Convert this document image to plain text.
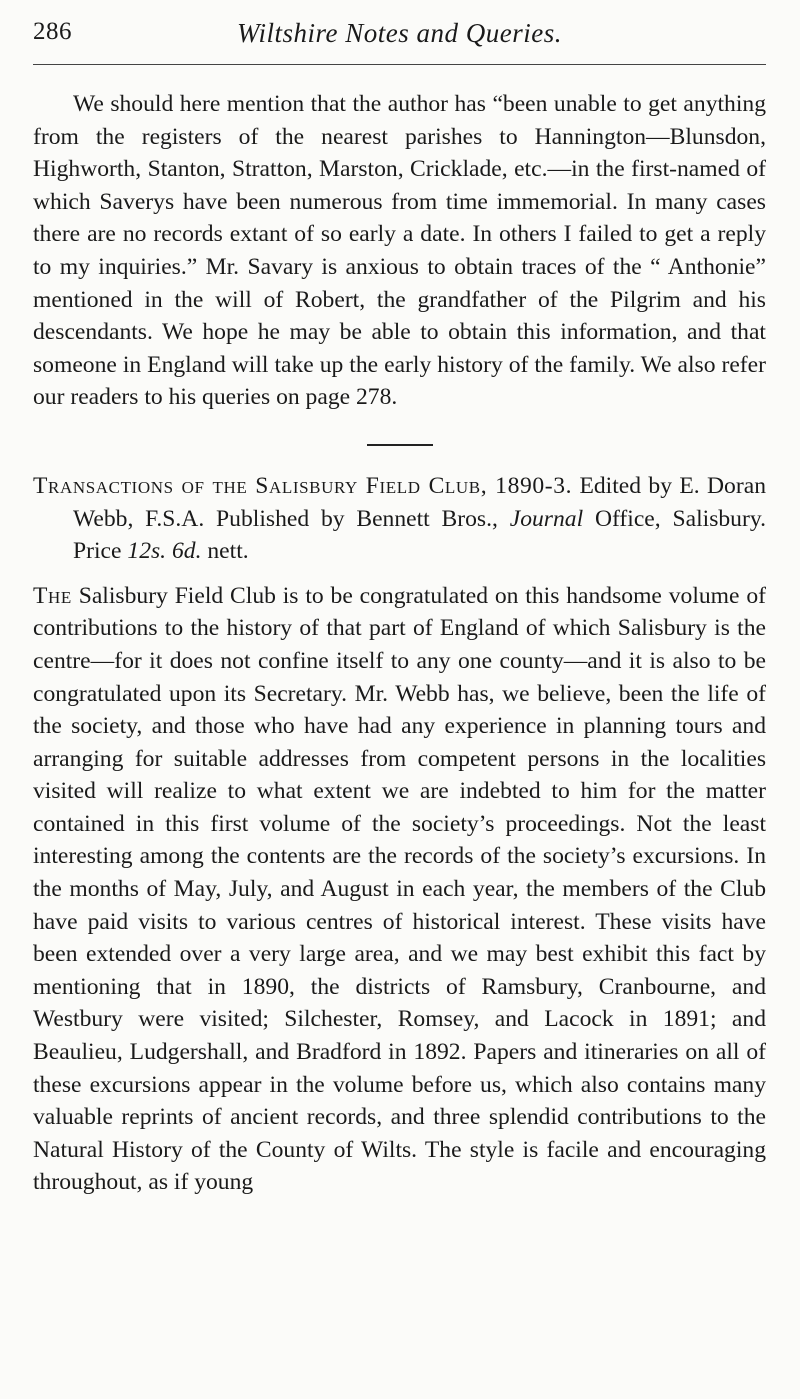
286	Wiltshire Notes and Queries.

We should here mention that the author has “been unable to get anything from the registers of the nearest parishes to Hannington—Blunsdon, Highworth, Stanton, Stratton, Marston, Cricklade, etc.—in the first-named of which Saverys have been numerous from time immemorial. In many cases there are no records extant of so early a date. In others I failed to get a reply to my inquiries.” Mr. Savary is anxious to obtain traces of the “ Anthonie” mentioned in the will of Robert, the grandfather of the Pilgrim and his descendants. We hope he may be able to obtain this information, and that someone in England will take up the early history of the family. We also refer our readers to his queries on page 278.

Transactions of the Salisbury Field Club, 1890-3. Edited by E. Doran Webb, F.S.A. Published by Bennett Bros., Journal Office, Salisbury. Price 12s. 6d. nett.

The Salisbury Field Club is to be congratulated on this handsome volume of contributions to the history of that part of England of which Salisbury is the centre—for it does not confine itself to any one county—and it is also to be congratulated upon its Secretary. Mr. Webb has, we believe, been the life of the society, and those who have had any experience in planning tours and arranging for suitable addresses from competent persons in the localities visited will realize to what extent we are indebted to him for the matter contained in this first volume of the society’s proceedings. Not the least interesting among the contents are the records of the society’s excursions. In the months of May, July, and August in each year, the members of the Club have paid visits to various centres of historical interest. These visits have been extended over a very large area, and we may best exhibit this fact by mentioning that in 1890, the districts of Ramsbury, Cranbourne, and Westbury were visited; Silchester, Romsey, and Lacock in 1891; and Beaulieu, Ludgershall, and Bradford in 1892. Papers and itineraries on all of these excursions appear in the volume before us, which also contains many valuable reprints of ancient records, and three splendid contributions to the Natural History of the County of Wilts. The style is facile and encouraging throughout, as if young
